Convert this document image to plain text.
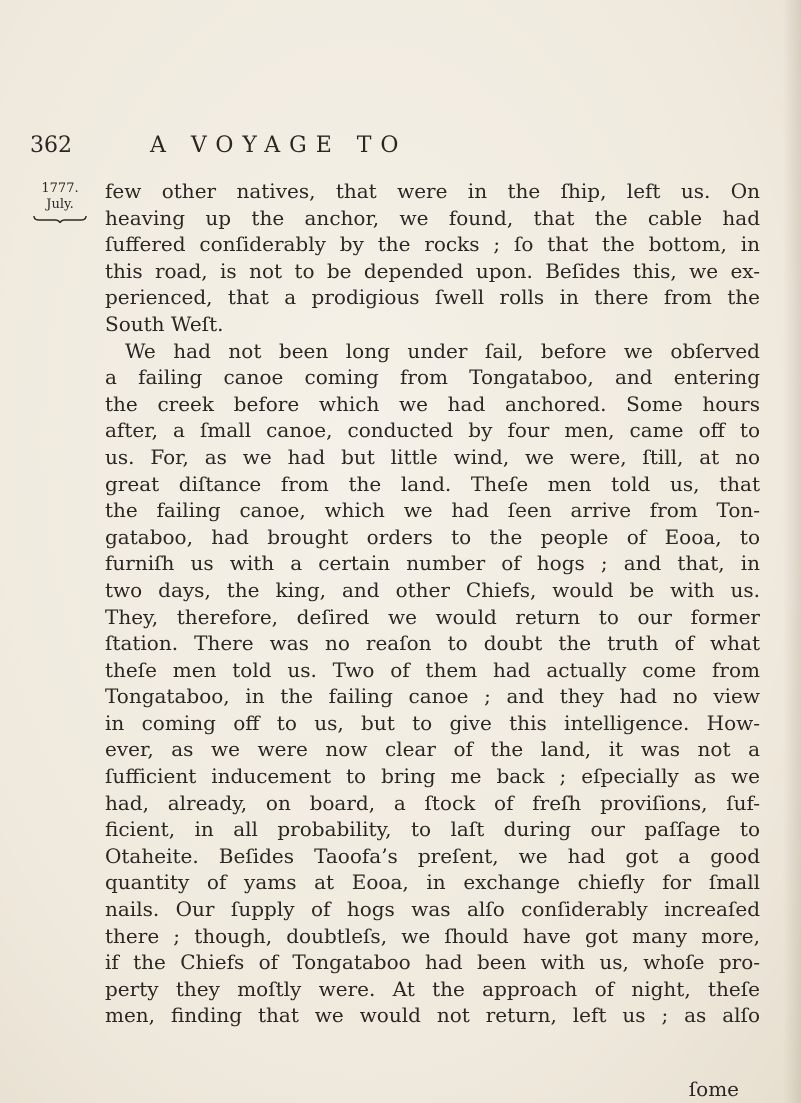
362	A VOYAGE TO
1777.
July.
few other natives, that were in the ſhip, left us. On
heaving up the anchor, we found, that the cable had
ſuffered conſiderably by the rocks ; ſo that the bottom, in
this road, is not to be depended upon. Beſides this, we ex-
perienced, that a prodigious ſwell rolls in there from the
South Weſt.
We had not been long under ſail, before we obſerved
a failing canoe coming from Tongataboo, and entering
the creek before which we had anchored. Some hours
after, a ſmall canoe, conducted by four men, came off to
us. For, as we had but little wind, we were, ſtill, at no
great diſtance from the land. Theſe men told us, that
the failing canoe, which we had ſeen arrive from Ton-
gataboo, had brought orders to the people of Eooa, to
furniſh us with a certain number of hogs ; and that, in
two days, the king, and other Chiefs, would be with us.
They, therefore, deſired we would return to our former
ſtation. There was no reaſon to doubt the truth of what
theſe men told us. Two of them had actually come from
Tongataboo, in the failing canoe ; and they had no view
in coming off to us, but to give this intelligence. How-
ever, as we were now clear of the land, it was not a
ſufficient inducement to bring me back ; eſpecially as we
had, already, on board, a ſtock of freſh proviſions, ſuf-
ficient, in all probability, to laſt during our paſſage to
Otaheite. Beſides Taoofa’s preſent, we had got a good
quantity of yams at Eooa, in exchange chiefly for ſmall
nails. Our ſupply of hogs was alſo conſiderably increaſed
there ; though, doubtleſs, we ſhould have got many more,
if the Chiefs of Tongataboo had been with us, whoſe pro-
perty they moſtly were. At the approach of night, theſe
men, finding that we would not return, left us ; as alſo
ſome
